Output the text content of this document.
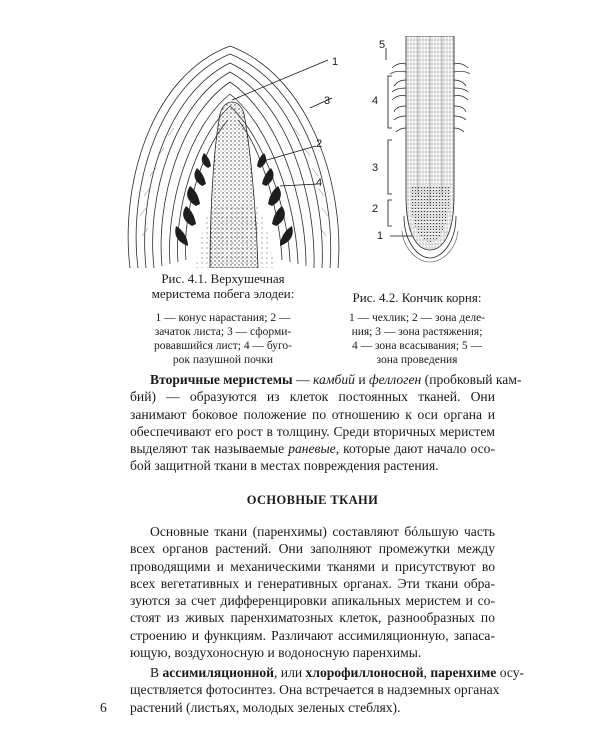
1
3
2
4
5
4
3
2
1
Рис. 4.1. Верхушечная
меристема побега элодеи:
1 — конус нарастания; 2 —
зачаток листа; 3 — сформи-
ровавшийся лист; 4 — буго-
рок пазушной почки
Рис. 4.2. Кончик корня:
1 — чехлик; 2 — зона деле-
ния; 3 — зона растяжения;
4 — зона всасывания; 5 —
зона проведения
Вторичные меристемы — камбий и феллоген (пробковый кам-
бий) — образуются из клеток постоянных тканей. Они
занимают боковое положение по отношению к оси органа и
обеспечивают его рост в толщину. Среди вторичных меристем
выделяют так называемые раневые, которые дают начало осо-
бой защитной ткани в местах повреждения растения.
ОСНОВНЫЕ ТКАНИ
Основные ткани (паренхимы) составляют бóльшую часть
всех органов растений. Они заполняют промежутки между
проводящими и механическими тканями и присутствуют во
всех вегетативных и генеративных органах. Эти ткани обра-
зуются за счет дифференцировки апикальных меристем и со-
стоят из живых паренхиматозных клеток, разнообразных по
строению и функциям. Различают ассимиляционную, запаса-
ющую, воздухоносную и водоносную паренхимы.
В ассимиляционной, или хлорофиллоносной, паренхиме осу-
ществляется фотосинтез. Она встречается в надземных органах
растений (листьях, молодых зеленых стеблях).
6
